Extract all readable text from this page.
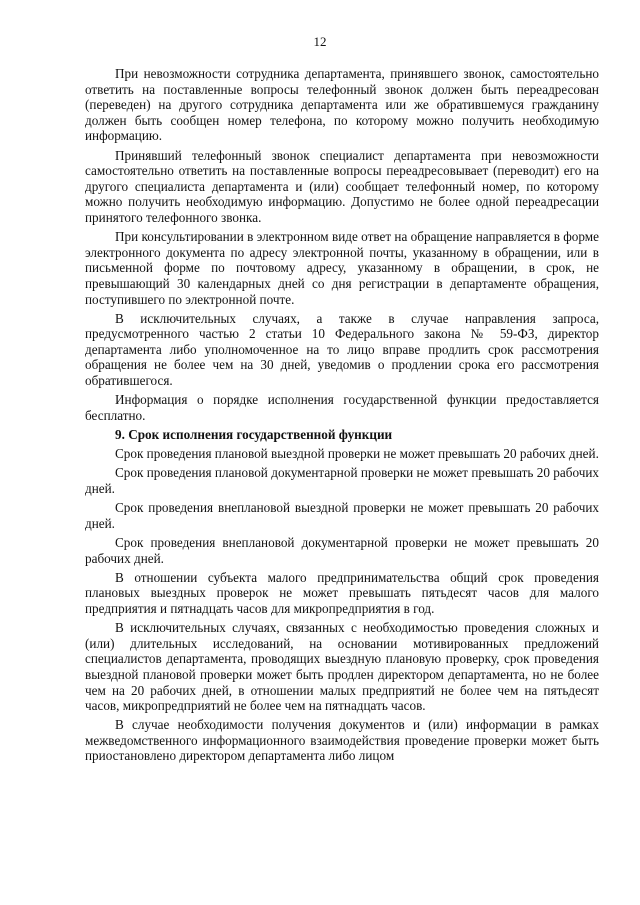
12

При невозможности сотрудника департамента, принявшего звонок, самостоятельно ответить на поставленные вопросы телефонный звонок должен быть переадресован (переведен) на другого сотрудника департамента или же обратившемуся гражданину должен быть сообщен номер телефона, по которому можно получить необходимую информацию.

Принявший телефонный звонок специалист департамента при невозможности самостоятельно ответить на поставленные вопросы переадресовывает (переводит) его на другого специалиста департамента и (или) сообщает телефонный номер, по которому можно получить необходимую информацию. Допустимо не более одной переадресации принятого телефонного звонка.

При консультировании в электронном виде ответ на обращение направляется в форме электронного документа по адресу электронной почты, указанному в обращении, или в письменной форме по почтовому адресу, указанному в обращении, в срок, не превышающий 30 календарных дней со дня регистрации в департаменте обращения, поступившего по электронной почте.

В исключительных случаях, а также в случае направления запроса, предусмотренного частью 2 статьи 10 Федерального закона № 59-ФЗ, директор департамента либо уполномоченное на то лицо вправе продлить срок рассмотрения обращения не более чем на 30 дней, уведомив о продлении срока его рассмотрения обратившегося.

Информация о порядке исполнения государственной функции предоставляется бесплатно.

9. Срок исполнения государственной функции

Срок проведения плановой выездной проверки не может превышать 20 рабочих дней.

Срок проведения плановой документарной проверки не может превышать 20 рабочих дней.

Срок проведения внеплановой выездной проверки не может превышать 20 рабочих дней.

Срок проведения внеплановой документарной проверки не может превышать 20 рабочих дней.

В отношении субъекта малого предпринимательства общий срок проведения плановых выездных проверок не может превышать пятьдесят часов для малого предприятия и пятнадцать часов для микропредприятия в год.

В исключительных случаях, связанных с необходимостью проведения сложных и (или) длительных исследований, на основании мотивированных предложений специалистов департамента, проводящих выездную плановую проверку, срок проведения выездной плановой проверки может быть продлен директором департамента, но не более чем на 20 рабочих дней, в отношении малых предприятий не более чем на пятьдесят часов, микропредприятий не более чем на пятнадцать часов.

В случае необходимости получения документов и (или) информации в рамках межведомственного информационного взаимодействия проведение проверки может быть приостановлено директором департамента либо лицом
